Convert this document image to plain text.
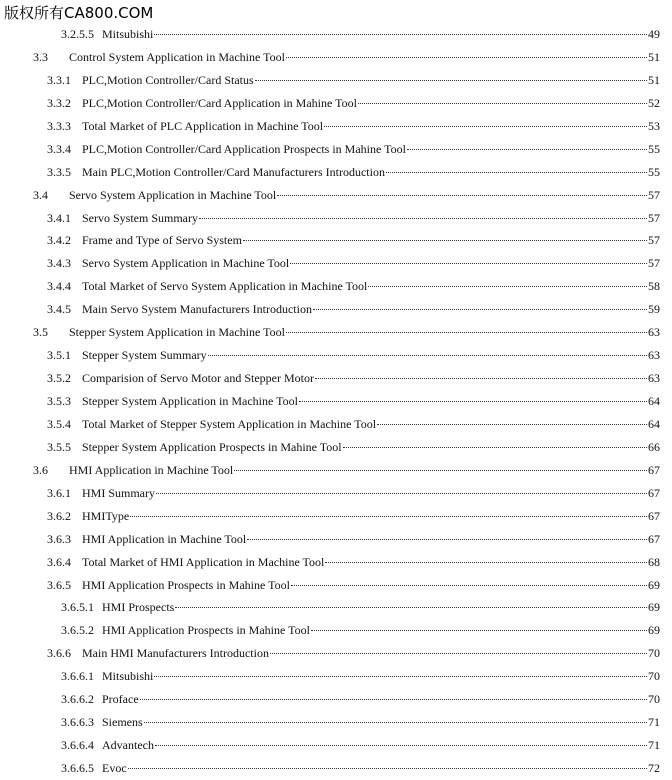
版权所有CA800.COM
3.2.5.5 Mitsubishi	49
3.3	Control System Application in Machine Tool	51
3.3.1 PLC,Motion Controller/Card Status	51
3.3.2 PLC,Motion Controller/Card Application in Mahine Tool	52
3.3.3 Total Market of PLC Application in Machine Tool	53
3.3.4 PLC,Motion Controller/Card Application Prospects in Mahine Tool	55
3.3.5 Main PLC,Motion Controller/Card Manufacturers Introduction	55
3.4	Servo System Application in Machine Tool	57
3.4.1 Servo System Summary	57
3.4.2 Frame and Type of Servo System	57
3.4.3 Servo System Application in Machine Tool	57
3.4.4 Total Market of Servo System Application in Machine Tool	58
3.4.5 Main Servo System Manufacturers Introduction	59
3.5	Stepper System Application in Machine Tool	63
3.5.1 Stepper System Summary	63
3.5.2 Comparision of Servo Motor and Stepper Motor	63
3.5.3 Stepper System Application in Machine Tool	64
3.5.4 Total Market of Stepper System Application in Machine Tool	64
3.5.5 Stepper System Application Prospects in Mahine Tool	66
3.6	HMI Application in Machine Tool	67
3.6.1 HMI Summary	67
3.6.2 HMIType	67
3.6.3 HMI Application in Machine Tool	67
3.6.4 Total Market of HMI Application in Machine Tool	68
3.6.5 HMI Application Prospects in Mahine Tool	69
3.6.5.1 HMI Prospects	69
3.6.5.2 HMI Application Prospects in Mahine Tool	69
3.6.6 Main HMI Manufacturers Introduction	70
3.6.6.1 Mitsubishi	70
3.6.6.2 Proface	70
3.6.6.3 Siemens	71
3.6.6.4 Advantech	71
3.6.6.5 Evoc	72
